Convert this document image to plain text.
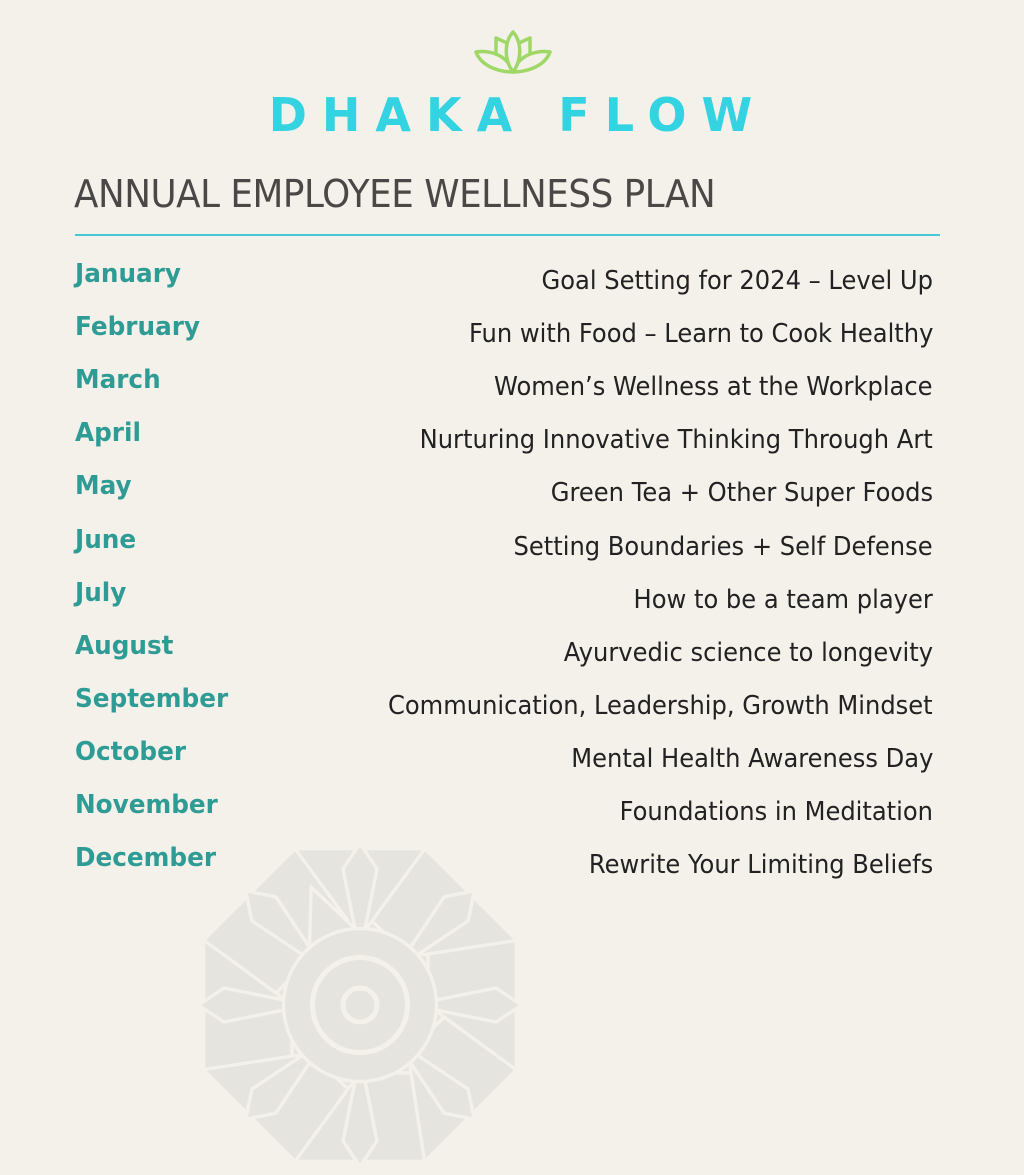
DHAKA FLOW
ANNUAL EMPLOYEE WELLNESS PLAN
January	Goal Setting for 2024 – Level Up
February	Fun with Food – Learn to Cook Healthy
March	Women’s Wellness at the Workplace
April	Nurturing Innovative Thinking Through Art
May	Green Tea + Other Super Foods
June	Setting Boundaries + Self Defense
July	How to be a team player
August	Ayurvedic science to longevity
September	Communication, Leadership, Growth Mindset
October	Mental Health Awareness Day
November	Foundations in Meditation
December	Rewrite Your Limiting Beliefs
